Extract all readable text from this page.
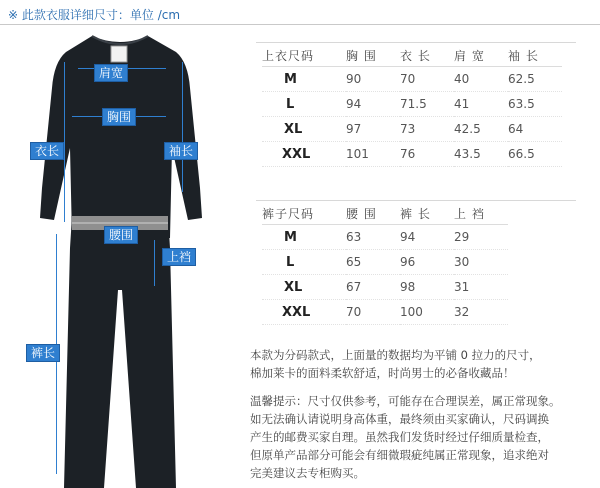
※ 此款衣服详细尺寸：单位 /cm
肩宽
胸围
衣长	袖长
腰围
上裆
裤长
上衣尺码	胸 围	衣 长	肩 宽	袖 长
M	90	70	40	62.5
L	94	71.5	41	63.5
XL	97	73	42.5	64
XXL	101	76	43.5	66.5
裤子尺码	腰 围	裤 长	上 裆
M	63	94	29
L	65	96	30
XL	67	98	31
XXL	70	100	32
本款为分码款式，上面量的数据均为平铺 0 拉力的尺寸，
棉加莱卡的面料柔软舒适，时尚男士的必备收藏品！
温馨提示：尺寸仅供参考，可能存在合理误差，属正常现象。
如无法确认请说明身高体重，最终须由买家确认，尺码调换
产生的邮费买家自理。虽然我们发货时经过仔细质量检查，
但原单产品部分可能会有细微瑕疵纯属正常现象，追求绝对
完美建议去专柜购买。
